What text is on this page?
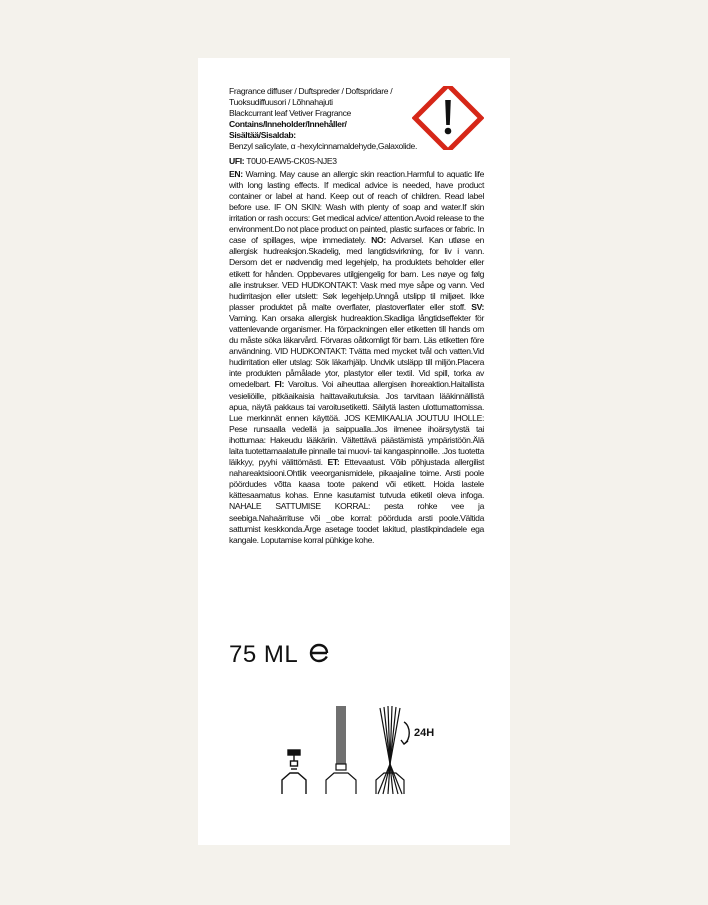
Fragrance diffuser / Duftspreder / Doftspridare /
Tuoksudiffuusori / Lõhnahajuti
Blackcurrant leaf Vetiver Fragrance
Contains/Inneholder/Innehåller/
Sisältää/Sisaldab:
Benzyl salicylate, α -hexylcinnamaldehyde,Galaxolide.
UFI: T0U0-EAW5-CK0S-NJE3
EN: Warning. May cause an allergic skin reaction.Harmful to aquatic life with long lasting effects. If medical advice is needed, have product container or label at hand. Keep out of reach of children. Read label before use. IF ON SKIN: Wash with plenty of soap and water.If skin irritation or rash occurs: Get medical advice/ attention.Avoid release to the environment.Do not place product on painted, plastic surfaces or fabric. In case of spillages, wipe immediately. NO: Advarsel. Kan utløse en allergisk hudreaksjon.Skadelig, med langtidsvirkning, for liv i vann. Dersom det er nødvendig med legehjelp, ha produktets beholder eller etikett for hånden. Oppbevares utilgjengelig for barn. Les nøye og følg alle instrukser. VED HUDKONTAKT: Vask med mye såpe og vann. Ved hudirritasjon eller utslett: Søk legehjelp.Unngå utslipp til miljøet. Ikke plasser produktet på malte overflater, plastoverflater eller stoff. SV: Varning. Kan orsaka allergisk hudreaktion.Skadliga långtidseffekter för vattenlevande organismer. Ha förpackningen eller etiketten till hands om du måste söka läkarvård. Förvaras oåtkomligt för barn. Läs etiketten före användning. VID HUDKONTAKT: Tvätta med mycket tvål och vatten.Vid hudirritation eller utslag: Sök läkarhjälp. Undvik utsläpp till miljön.Placera inte produkten påmålade ytor, plastytor eller textil. Vid spill, torka av omedelbart. FI: Varoitus. Voi aiheuttaa allergisen ihoreaktion.Haitallista vesieliöille, pitkäaikaisia haittavaikutuksia. Jos tarvitaan lääkinnällistä apua, näytä pakkaus tai varoitusetiketti. Säilytä lasten ulottumattomissa. Lue merkinnät ennen käyttöä. JOS KEMIKAALIA JOUTUU IHOLLE: Pese runsaalla vedellä ja saippualla..Jos ilmenee ihoärsytystä tai ihottumaa: Hakeudu lääkäriin. Vältettävä päästämistä ympäristöön.Älä laita tuotettamaalatulle pinnalle tai muovi- tai kangaspinnoille. .Jos tuotetta läikkyy, pyyhi välittömästi. ET: Ettevaatust. Võib põhjustada allergilist nahareaktsiooni.Ohtlik veeorganismidele, pikaajaline toime. Arsti poole pöördudes võtta kaasa toote pakend või etikett. Hoida lastele kättesaamatus kohas. Enne kasutamist tutvuda etiketil oleva infoga. NAHALE SATTUMISE KORRAL: pesta rohke vee ja seebiga.Nahaärrituse või _obe korral: pöörduda arsti poole.Vältida sattumist keskkonda.Ärge asetage toodet lakitud, plastikpindadele ega kangale. Loputamise korral pühkige kohe.
75 ML
24H
